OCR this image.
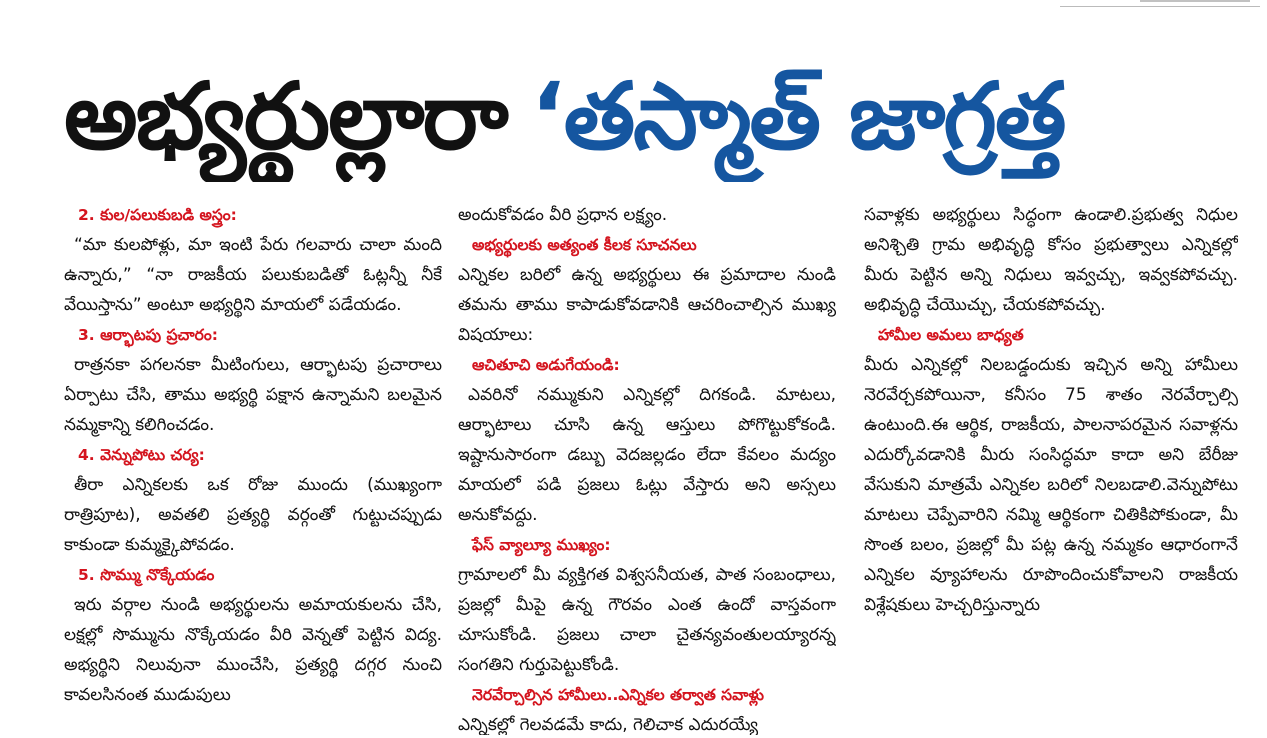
అభ్యర్థుల్లారా ‘తస్మాత్ జాగ్రత్త
2. కుల/పలుకుబడి అస్త్రం:
“మా కులపోళ్లు, మా ఇంటి పేరు గలవారు చాలా మంది ఉన్నారు,” “నా రాజకీయ పలుకుబడితో ఓట్లన్నీ నీకే వేయిస్తాను” అంటూ అభ్యర్థిని మాయలో పడేయడం.
3. ఆర్భాటపు ప్రచారం:
రాత్రనకా పగలనకా మీటింగులు, ఆర్భాటపు ప్రచారాలు ఏర్పాటు చేసి, తాము అభ్యర్థి పక్షాన ఉన్నామని బలమైన నమ్మకాన్ని కలిగించడం.
4. వెన్నుపోటు చర్య:
తీరా ఎన్నికలకు ఒక రోజు ముందు (ముఖ్యంగా రాత్రిపూట), అవతలి ప్రత్యర్థి వర్గంతో గుట్టుచప్పుడు కాకుండా కుమ్మక్కైపోవడం.
5. సొమ్ము నొక్కేయడం
ఇరు వర్గాల నుండి అభ్యర్థులను అమాయకులను చేసి, లక్షల్లో సొమ్మును నొక్కేయడం వీరి వెన్నతో పెట్టిన విద్య. అభ్యర్థిని నిలువునా ముంచేసి, ప్రత్యర్థి దగ్గర నుంచి కావలసినంత ముడుపులు
అందుకోవడం వీరి ప్రధాన లక్ష్యం.
అభ్యర్థులకు అత్యంత కీలక సూచనలు
ఎన్నికల బరిలో ఉన్న అభ్యర్థులు ఈ ప్రమాదాల నుండి తమను తాము కాపాడుకోవడానికి ఆచరించాల్సిన ముఖ్య విషయాలు:
ఆచితూచి అడుగేయండి:
ఎవరినో నమ్ముకుని ఎన్నికల్లో దిగకండి. మాటలు, ఆర్భాటాలు చూసి ఉన్న ఆస్తులు పోగొట్టుకోకండి. ఇష్టానుసారంగా డబ్బు వెదజల్లడం లేదా కేవలం మద్యం మాయలో పడి ప్రజలు ఓట్లు వేస్తారు అని అస్సలు అనుకోవద్దు.
ఫేస్ వ్యాల్యూ ముఖ్యం:
గ్రామాలలో మీ వ్యక్తిగత విశ్వసనీయత, పాత సంబంధాలు, ప్రజల్లో మీపై ఉన్న గౌరవం ఎంత ఉందో వాస్తవంగా చూసుకోండి. ప్రజలు చాలా చైతన్యవంతులయ్యారన్న సంగతిని గుర్తుపెట్టుకోండి.
నెరవేర్చాల్సిన హామీలు..ఎన్నికల తర్వాత సవాళ్లు
ఎన్నికల్లో గెలవడమే కాదు, గెలిచాక ఎదురయ్యే
సవాళ్లకు అభ్యర్థులు సిద్ధంగా ఉండాలి.ప్రభుత్వ నిధుల అనిశ్చితి గ్రామ అభివృద్ధి కోసం ప్రభుత్వాలు ఎన్నికల్లో మీరు పెట్టిన అన్ని నిధులు ఇవ్వచ్చు, ఇవ్వకపోవచ్చు. అభివృద్ధి చేయొచ్చు, చేయకపోవచ్చు.
హామీల అమలు బాధ్యత
మీరు ఎన్నికల్లో నిలబడ్డందుకు ఇచ్చిన అన్ని హామీలు నెరవేర్చకపోయినా, కనీసం 75 శాతం నెరవేర్చాల్సి ఉంటుంది.ఈ ఆర్థిక, రాజకీయ, పాలనాపరమైన సవాళ్లను ఎదుర్కోవడానికి మీరు సంసిద్ధమా కాదా అని బేరీజు వేసుకుని మాత్రమే ఎన్నికల బరిలో నిలబడాలి.వెన్నుపోటు మాటలు చెప్పేవారిని నమ్మి ఆర్థికంగా చితికిపోకుండా, మీ సొంత బలం, ప్రజల్లో మీ పట్ల ఉన్న నమ్మకం ఆధారంగానే ఎన్నికల వ్యూహాలను రూపొందించుకోవాలని రాజకీయ విశ్లేషకులు హెచ్చరిస్తున్నారు
